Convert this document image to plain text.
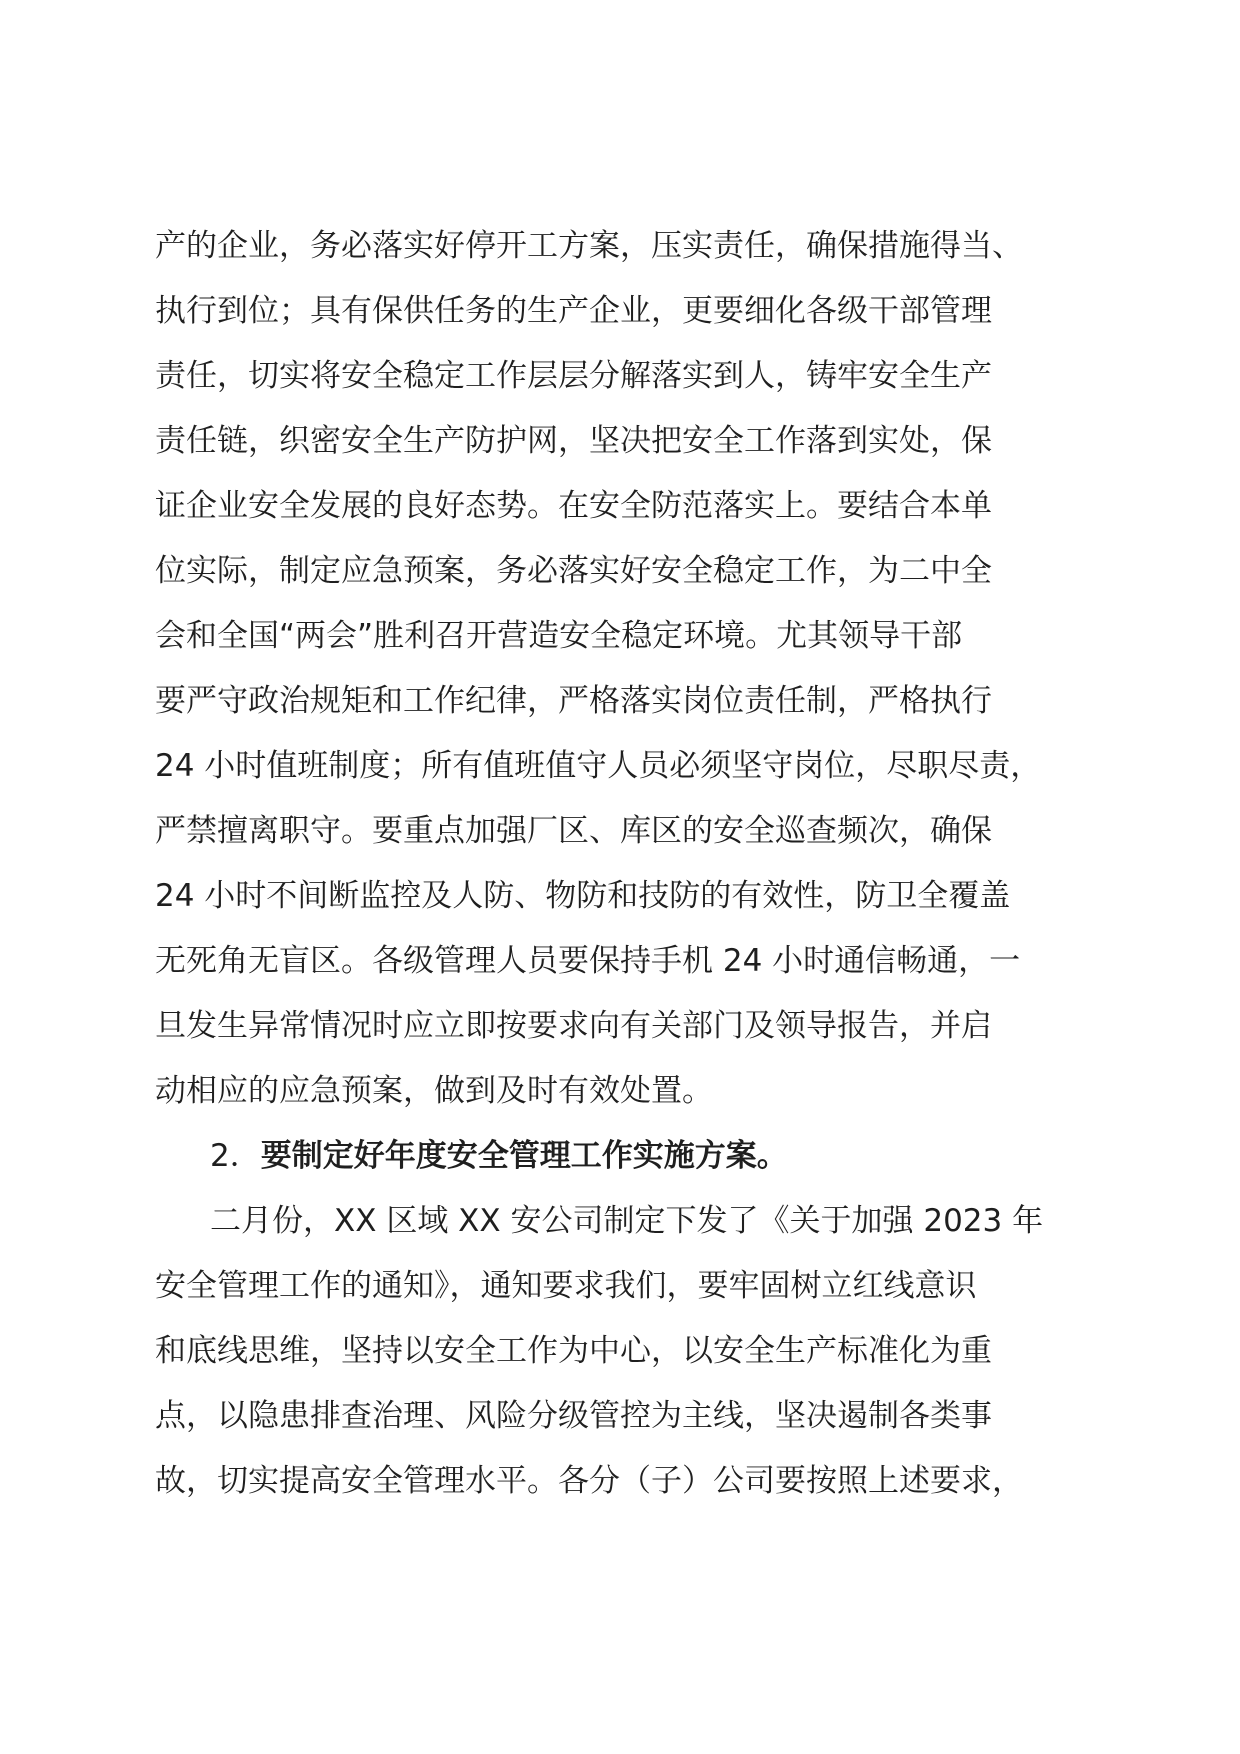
产的企业，务必落实好停开工方案，压实责任，确保措施得当、
执行到位；具有保供任务的生产企业，更要细化各级干部管理
责任，切实将安全稳定工作层层分解落实到人，铸牢安全生产
责任链，织密安全生产防护网，坚决把安全工作落到实处，保
证企业安全发展的良好态势。在安全防范落实上。要结合本单
位实际，制定应急预案，务必落实好安全稳定工作，为二中全
会和全国“两会”胜利召开营造安全稳定环境。尤其领导干部
要严守政治规矩和工作纪律，严格落实岗位责任制，严格执行
24 小时值班制度；所有值班值守人员必须坚守岗位，尽职尽责，
严禁擅离职守。要重点加强厂区、库区的安全巡查频次，确保
24 小时不间断监控及人防、物防和技防的有效性，防卫全覆盖
无死角无盲区。各级管理人员要保持手机 24 小时通信畅通，一
旦发生异常情况时应立即按要求向有关部门及领导报告，并启
动相应的应急预案，做到及时有效处置。
2．要制定好年度安全管理工作实施方案。
二月份，XX 区域 XX 安公司制定下发了《关于加强 2023 年
安全管理工作的通知》，通知要求我们，要牢固树立红线意识
和底线思维，坚持以安全工作为中心，以安全生产标准化为重
点，以隐患排查治理、风险分级管控为主线，坚决遏制各类事
故，切实提高安全管理水平。各分（子）公司要按照上述要求，
